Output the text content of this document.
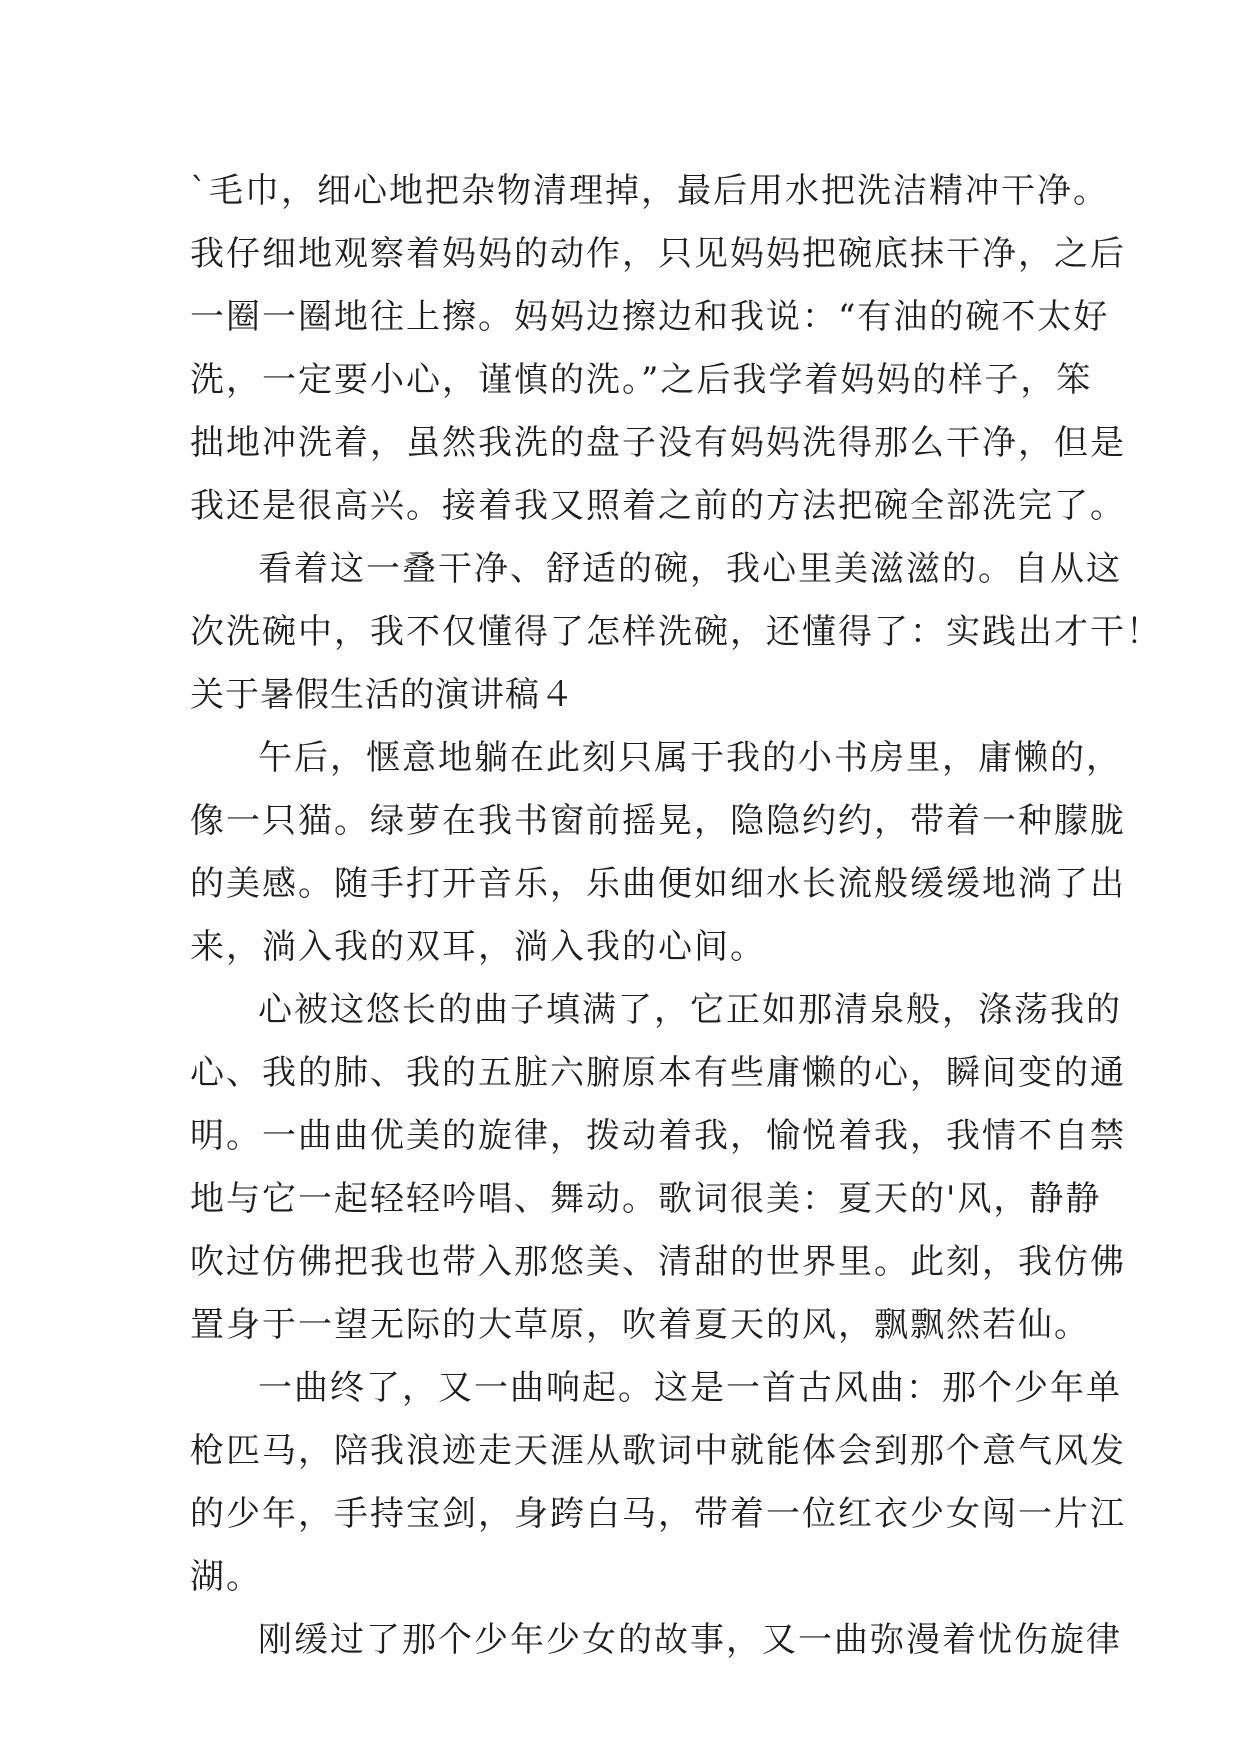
`毛巾，细心地把杂物清理掉，最后用水把洗洁精冲干净。
我仔细地观察着妈妈的动作，只见妈妈把碗底抹干净，之后
一圈一圈地往上擦。妈妈边擦边和我说：“有油的碗不太好
洗，一定要小心，谨慎的洗。”之后我学着妈妈的样子，笨
拙地冲洗着，虽然我洗的盘子没有妈妈洗得那么干净，但是
我还是很高兴。接着我又照着之前的方法把碗全部洗完了。
看着这一叠干净、舒适的碗，我心里美滋滋的。自从这
次洗碗中，我不仅懂得了怎样洗碗，还懂得了：实践出才干！
关于暑假生活的演讲稿４
午后，惬意地躺在此刻只属于我的小书房里，庸懒的，
像一只猫。绿萝在我书窗前摇晃，隐隐约约，带着一种朦胧
的美感。随手打开音乐，乐曲便如细水长流般缓缓地淌了出
来，淌入我的双耳，淌入我的心间。
心被这悠长的曲子填满了，它正如那清泉般，涤荡我的
心、我的肺、我的五脏六腑原本有些庸懒的心，瞬间变的通
明。一曲曲优美的旋律，拨动着我，愉悦着我，我情不自禁
地与它一起轻轻吟唱、舞动。歌词很美：夏天的'风，静静
吹过仿佛把我也带入那悠美、清甜的世界里。此刻，我仿佛
置身于一望无际的大草原，吹着夏天的风，飘飘然若仙。
一曲终了，又一曲响起。这是一首古风曲：那个少年单
枪匹马，陪我浪迹走天涯从歌词中就能体会到那个意气风发
的少年，手持宝剑，身跨白马，带着一位红衣少女闯一片江
湖。
刚缓过了那个少年少女的故事，又一曲弥漫着忧伤旋律
